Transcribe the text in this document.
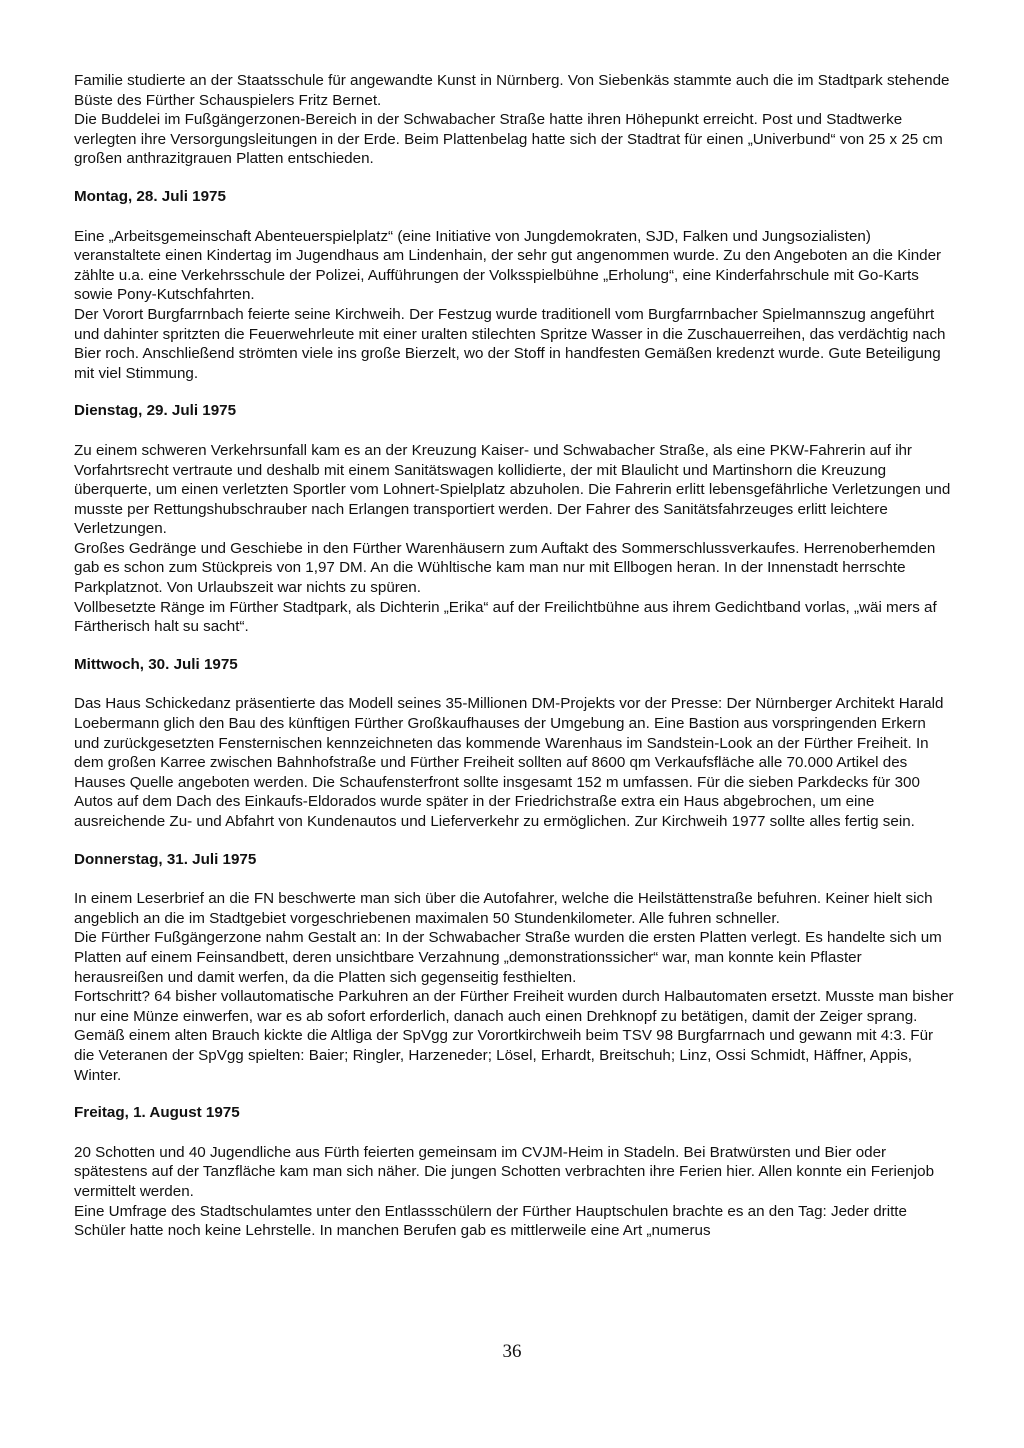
Familie studierte an der Staatsschule für angewandte Kunst in Nürnberg. Von Siebenkäs stammte auch die im Stadtpark stehende Büste des Fürther Schauspielers Fritz Bernet.

Die Buddelei im Fußgängerzonen-Bereich in der Schwabacher Straße hatte ihren Höhepunkt erreicht. Post und Stadtwerke verlegten ihre Versorgungsleitungen in der Erde. Beim Plattenbelag hatte sich der Stadtrat für einen „Univerbund“ von 25 x 25 cm großen anthrazitgrauen Platten entschieden.

Montag, 28. Juli 1975

Eine „Arbeitsgemeinschaft Abenteuerspielplatz“ (eine Initiative von Jungdemokraten, SJD, Falken und Jungsozialisten) veranstaltete einen Kindertag im Jugendhaus am Lindenhain, der sehr gut angenommen wurde. Zu den Angeboten an die Kinder zählte u.a. eine Verkehrsschule der Polizei, Aufführungen der Volksspielbühne „Erholung“, eine Kinderfahrschule mit Go-Karts sowie Pony-Kutschfahrten.

Der Vorort Burgfarrnbach feierte seine Kirchweih. Der Festzug wurde traditionell vom Burgfarrnbacher Spielmannszug angeführt und dahinter spritzten die Feuerwehrleute mit einer uralten stilechten Spritze Wasser in die Zuschauerreihen, das verdächtig nach Bier roch. Anschließend strömten viele ins große Bierzelt, wo der Stoff in handfesten Gemäßen kredenzt wurde. Gute Beteiligung mit viel Stimmung.

Dienstag, 29. Juli 1975

Zu einem schweren Verkehrsunfall kam es an der Kreuzung Kaiser- und Schwabacher Straße, als eine PKW-Fahrerin auf ihr Vorfahrtsrecht vertraute und deshalb mit einem Sanitätswagen kollidierte, der mit Blaulicht und Martinshorn die Kreuzung überquerte, um einen verletzten Sportler vom Lohnert-Spielplatz abzuholen. Die Fahrerin erlitt lebensgefährliche Verletzungen und musste per Rettungshubschrauber nach Erlangen transportiert werden. Der Fahrer des Sanitätsfahrzeuges erlitt leichtere Verletzungen.

Großes Gedränge und Geschiebe in den Fürther Warenhäusern zum Auftakt des Sommerschlussverkaufes. Herrenoberhemden gab es schon zum Stückpreis von 1,97 DM. An die Wühltische kam man nur mit Ellbogen heran. In der Innenstadt herrschte Parkplatznot. Von Urlaubszeit war nichts zu spüren.

Vollbesetzte Ränge im Fürther Stadtpark, als Dichterin „Erika“ auf der Freilichtbühne aus ihrem Gedichtband vorlas, „wäi mers af Färtherisch halt su sacht“.

Mittwoch, 30. Juli 1975

Das Haus Schickedanz präsentierte das Modell seines 35-Millionen DM-Projekts vor der Presse: Der Nürnberger Architekt Harald Loebermann glich den Bau des künftigen Fürther Großkaufhauses der Umgebung an. Eine Bastion aus vorspringenden Erkern und zurückgesetzten Fensternischen kennzeichneten das kommende Warenhaus im Sandstein-Look an der Fürther Freiheit. In dem großen Karree zwischen Bahnhofstraße und Fürther Freiheit sollten auf 8600 qm Verkaufsfläche alle 70.000 Artikel des Hauses Quelle angeboten werden. Die Schaufensterfront sollte insgesamt 152 m umfassen. Für die sieben Parkdecks für 300 Autos auf dem Dach des Einkaufs-Eldorados wurde später in der Friedrichstraße extra ein Haus abgebrochen, um eine ausreichende Zu- und Abfahrt von Kundenautos und Lieferverkehr zu ermöglichen. Zur Kirchweih 1977 sollte alles fertig sein.

Donnerstag, 31. Juli 1975

In einem Leserbrief an die FN beschwerte man sich über die Autofahrer, welche die Heilstättenstraße befuhren. Keiner hielt sich angeblich an die im Stadtgebiet vorgeschriebenen maximalen 50 Stundenkilometer. Alle fuhren schneller.

Die Fürther Fußgängerzone nahm Gestalt an: In der Schwabacher Straße wurden die ersten Platten verlegt. Es handelte sich um Platten auf einem Feinsandbett, deren unsichtbare Verzahnung „demonstrationssicher“ war, man konnte kein Pflaster herausreißen und damit werfen, da die Platten sich gegenseitig festhielten.

Fortschritt? 64 bisher vollautomatische Parkuhren an der Fürther Freiheit wurden durch Halbautomaten ersetzt. Musste man bisher nur eine Münze einwerfen, war es ab sofort erforderlich, danach auch einen Drehknopf zu betätigen, damit der Zeiger sprang.

Gemäß einem alten Brauch kickte die Altliga der SpVgg zur Vorortkirchweih beim TSV 98 Burgfarrnach und gewann mit 4:3. Für die Veteranen der SpVgg spielten: Baier; Ringler, Harzeneder; Lösel, Erhardt, Breitschuh; Linz, Ossi Schmidt, Häffner, Appis, Winter.

Freitag, 1. August 1975

20 Schotten und 40 Jugendliche aus Fürth feierten gemeinsam im CVJM-Heim in Stadeln. Bei Bratwürsten und Bier oder spätestens auf der Tanzfläche kam man sich näher. Die jungen Schotten verbrachten ihre Ferien hier. Allen konnte ein Ferienjob vermittelt werden.

Eine Umfrage des Stadtschulamtes unter den Entlassschülern der Fürther Hauptschulen brachte es an den Tag: Jeder dritte Schüler hatte noch keine Lehrstelle. In manchen Berufen gab es mittlerweile eine Art „numerus

36
